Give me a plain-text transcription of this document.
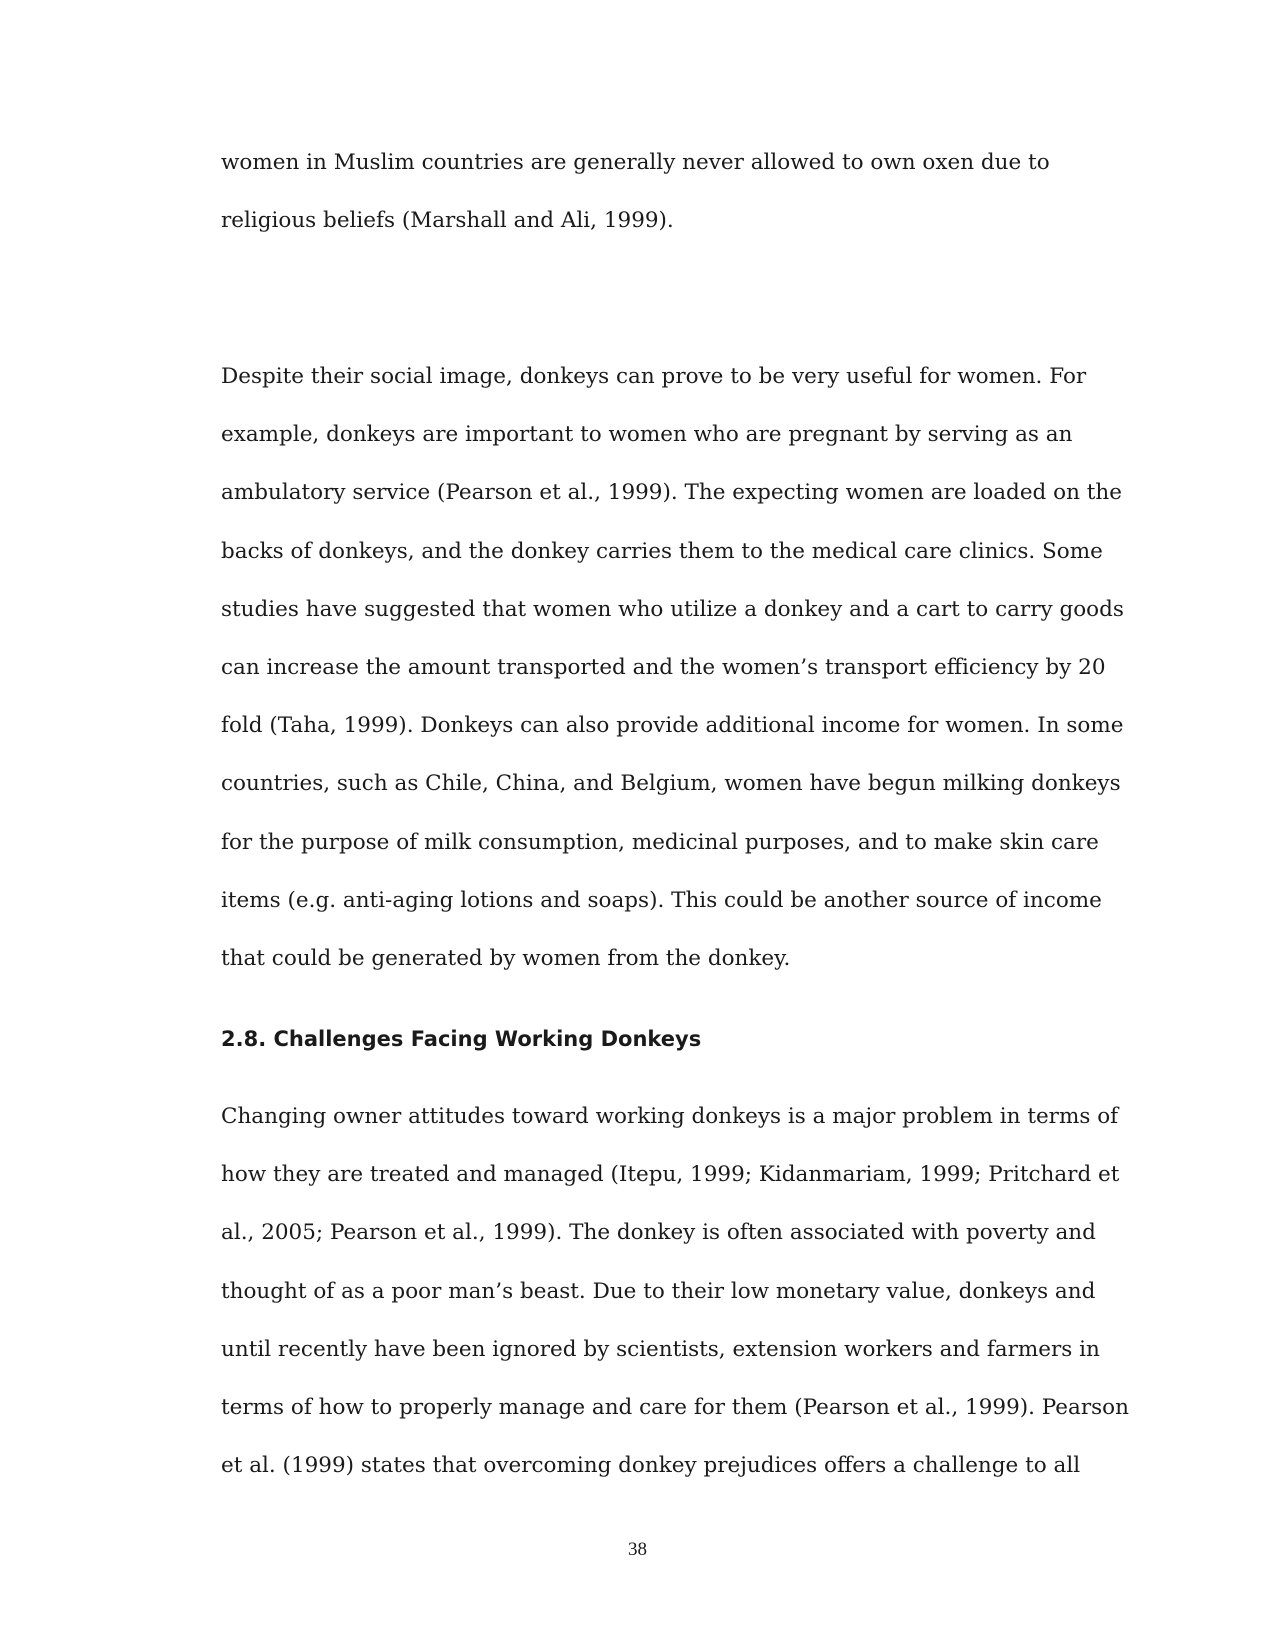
women in Muslim countries are generally never allowed to own oxen due to
religious beliefs (Marshall and Ali, 1999).
Despite their social image, donkeys can prove to be very useful for women. For
example, donkeys are important to women who are pregnant by serving as an
ambulatory service (Pearson et al., 1999). The expecting women are loaded on the
backs of donkeys, and the donkey carries them to the medical care clinics. Some
studies have suggested that women who utilize a donkey and a cart to carry goods
can increase the amount transported and the women’s transport efficiency by 20
fold (Taha, 1999). Donkeys can also provide additional income for women. In some
countries, such as Chile, China, and Belgium, women have begun milking donkeys
for the purpose of milk consumption, medicinal purposes, and to make skin care
items (e.g. anti-aging lotions and soaps). This could be another source of income
that could be generated by women from the donkey.
2.8. Challenges Facing Working Donkeys
Changing owner attitudes toward working donkeys is a major problem in terms of
how they are treated and managed (Itepu, 1999; Kidanmariam, 1999; Pritchard et
al., 2005; Pearson et al., 1999). The donkey is often associated with poverty and
thought of as a poor man’s beast. Due to their low monetary value, donkeys and
until recently have been ignored by scientists, extension workers and farmers in
terms of how to properly manage and care for them (Pearson et al., 1999). Pearson
et al. (1999) states that overcoming donkey prejudices offers a challenge to all
38
